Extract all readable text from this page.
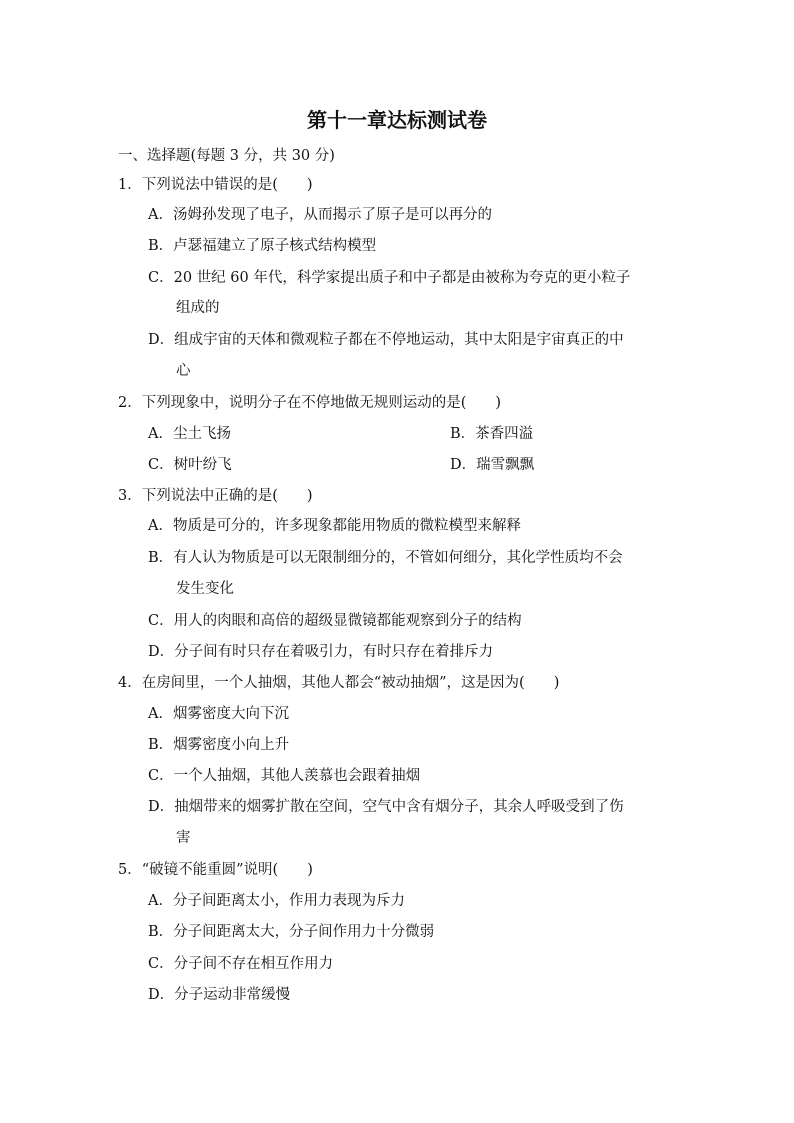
第十一章达标测试卷
一、选择题(每题 3 分，共 30 分)
1．下列说法中错误的是(　　)
A．汤姆孙发现了电子，从而揭示了原子是可以再分的
B．卢瑟福建立了原子核式结构模型
C．20 世纪 60 年代，科学家提出质子和中子都是由被称为夸克的更小粒子
组成的
D．组成宇宙的天体和微观粒子都在不停地运动，其中太阳是宇宙真正的中
心
2．下列现象中，说明分子在不停地做无规则运动的是(　　)
A．尘土飞扬	B．茶香四溢
C．树叶纷飞	D．瑞雪飘飘
3．下列说法中正确的是(　　)
A．物质是可分的，许多现象都能用物质的微粒模型来解释
B．有人认为物质是可以无限制细分的，不管如何细分，其化学性质均不会
发生变化
C．用人的肉眼和高倍的超级显微镜都能观察到分子的结构
D．分子间有时只存在着吸引力，有时只存在着排斥力
4．在房间里，一个人抽烟，其他人都会“被动抽烟”，这是因为(　　)
A．烟雾密度大向下沉
B．烟雾密度小向上升
C．一个人抽烟，其他人羡慕也会跟着抽烟
D．抽烟带来的烟雾扩散在空间，空气中含有烟分子，其余人呼吸受到了伤
害
5．“破镜不能重圆”说明(　　)
A．分子间距离太小，作用力表现为斥力
B．分子间距离太大，分子间作用力十分微弱
C．分子间不存在相互作用力
D．分子运动非常缓慢
